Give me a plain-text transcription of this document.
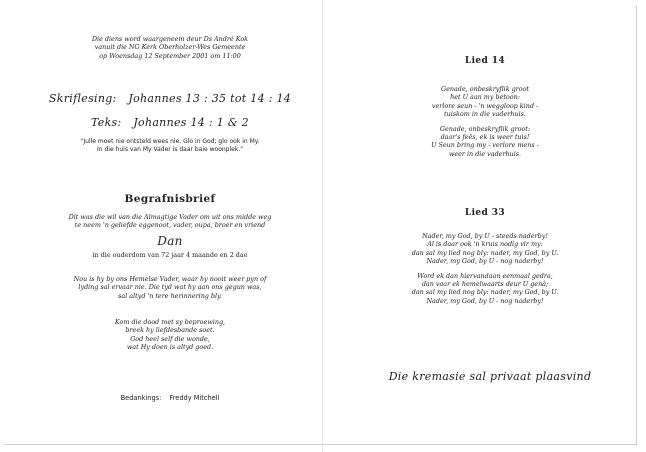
Die diens word waargeneem deur Ds André Kok
vanuit die NG Kerk Oberholzer-Wes Gemeente
op Woensdag 12 September 2001 om 11:00
Skriflesing: Johannes 13 : 35 tot 14 : 14
Teks: Johannes 14 : 1 & 2
"Julle moet nie ontsteld wees nie. Glo in God; glo ook in My.
In die huis van My Vader is daar baie woonplek."
Begrafnisbrief
Dit was die wil van die Almagtige Vader om uit ons midde weg
te neem 'n geliefde eggenoot, vader, oupa, broer en vriend
Dan
in die ouderdom van 72 jaar 4 maande en 2 dae
Nou is hy by ons Hemelse Vader, waar hy nooit weer pyn of
lyding sal ervaar nie. Die tyd wat hy aan ons gegun was,
sal altyd 'n tere herinnering bly.
Kom die dood met sy beproewing,
breek hy liefdesbande soet.
God heel self die wonde,
wat Hy doen is altyd goed.
Bedankings: Freddy Mitchell
Lied 14
Genade, onbeskryflik groot
het U aan my betoon:
verlore seun - 'n weggloop kind -
tuiskom in die vaderhuis.
Genade, onbeskryflik groot:
daar's feës, ek is weer tuis!
U Seun bring my - verlore mens -
weer in die vaderhuis.
Lied 33
Nader, my God, by U - steeds naderby!
Al is daar ook 'n kruis nodig vir my:
dan sal my lied nog bly: nader, my God, by U.
Nader, my God, by U - nog naderby!
Word ek dan hiervandaan eenmaal gedra,
dan vaar ek hemelwaarts deur U genâ;
dan sal my lied nog bly: nader, my God, by U.
Nader, my God, by U - nog naderby!
Die kremasie sal privaat plaasvind
